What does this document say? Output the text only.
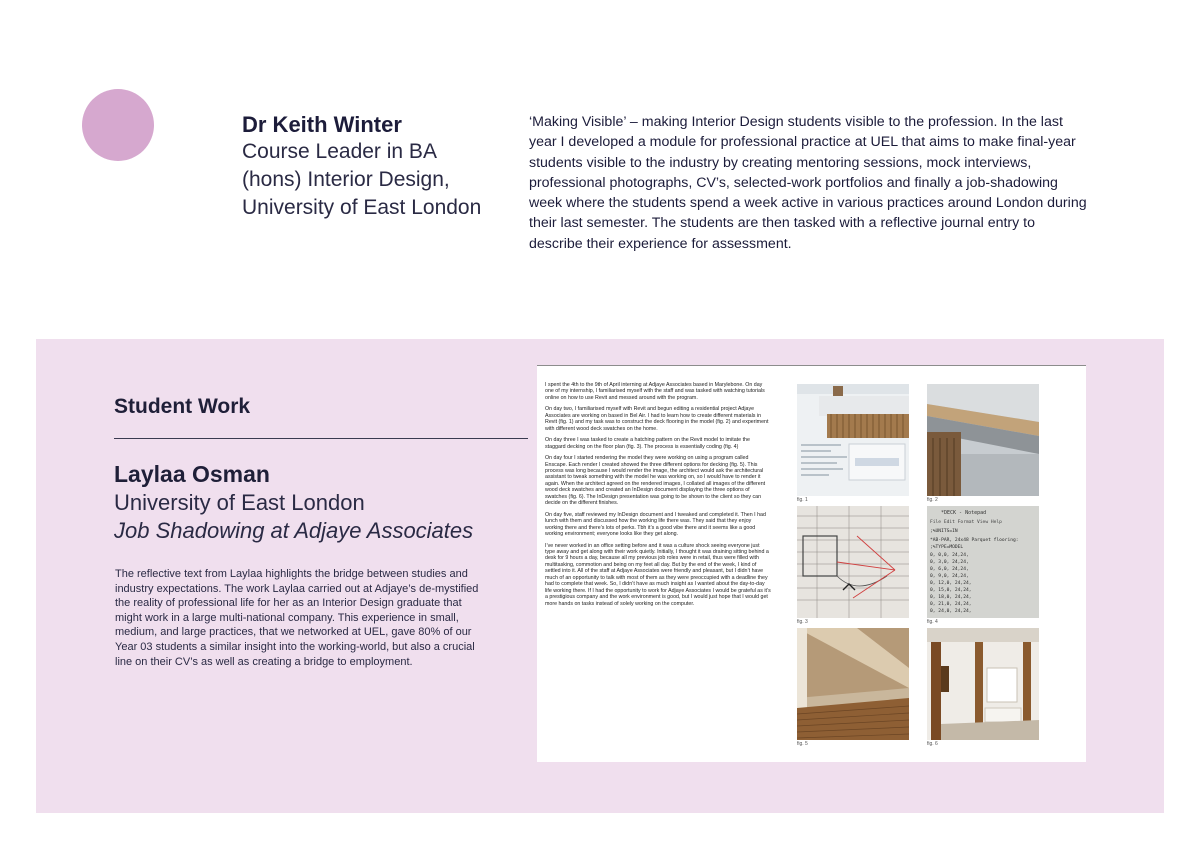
Dr Keith Winter
Course Leader in BA
(hons) Interior Design,
University of East London
‘Making Visible’ – making Interior Design students visible to the profession. In the last year I developed a module for professional practice at UEL that aims to make final-year students visible to the industry by creating mentoring sessions, mock interviews, professional photographs, CV’s, selected-work portfolios and finally a job-shadowing week where the students spend a week active in various practices around London during their last semester. The students are then tasked with a reflective journal entry to describe their experience for assessment.
Student Work
Laylaa Osman
University of East London
Job Shadowing at Adjaye Associates
The reflective text from Laylaa highlights the bridge between studies and industry expectations. The work Laylaa carried out at Adjaye’s de-mystified the reality of professional life for her as an Interior Design graduate that might work in a large multi-national company. This experience in small, medium, and large practices, that we networked at UEL, gave 80% of our Year 03 students a similar insight into the working-world, but also a crucial line on their CV’s as well as creating a bridge to employment.

I spent the 4th to the 9th of April interning at Adjaye Associates based in Marylebone. On day one of my internship, I familiarised myself with the staff and was tasked with watching tutorials online on how to use Revit and messed around with the program.

On day two, I familiarised myself with Revit and begun editing a residential project Adjaye Associates are working on based in Bel Air. I had to learn how to create different materials in Revit (fig. 1) and my task was to construct the deck flooring in the model (fig. 2) and experiment with different wood deck swatches on the home.

On day three I was tasked to create a hatching pattern on the Revit model to imitate the staggard decking on the floor plan (fig. 3). The process is essentially coding (fig. 4)

On day four I started rendering the model they were working on using a program called Enscape. Each render I created showed the three different options for decking (fig. 5). This process was long because I would render the image, the architect would ask the architectural assistant to tweak something with the model he was working on, so I would have to render it again. When the architect agreed on the rendered images, I collated all images of the different wood deck swatches and created an InDesign document displaying the three options of swatches (fig. 6). The InDesign presentation was going to be shown to the client so they can decide on the different finishes.

On day five, staff reviewed my InDesign document and I tweaked and completed it. Then I had lunch with them and discussed how the working life there was. They said that they enjoy working there and there’s lots of perks. Tbh it’s a good vibe there and it seems like a good working environment; everyone looks like they get along.

I’ve never worked in an office setting before and it was a culture shock seeing everyone just type away and get along with their work quietly. Initially, I thought it was draining sitting behind a desk for 9 hours a day, because all my previous job roles were in retail, thus were filled with multitasking, commotion and being on my feet all day. But by the end of the week, I kind of settled into it. All of the staff at Adjaye Associates were friendly and pleasant, but I didn’t have much of an opportunity to talk with most of them as they were preoccupied with a deadline they had to complete that week. So, I didn’t have as much insight as I wanted about the day-to-day life working there. If I had the opportunity to work for Adjaye Associates I would be grateful as it’s a prestigious company and the work environment is good, but I would just hope that I would get more hands on tasks instead of solely working on the computer.

fig. 1	fig. 2
fig. 3
*DECK - Notepad
File Edit Format View Help
;%UNITS=IN
*AB-PAR, 24x48 Parquet flooring:
;%TYPE=MODEL
0, 0,0, 24,24,
0, 3,0, 24,24,
0, 6,0, 24,24,
0, 9,0, 24,24,
0, 12,0, 24,24,
0, 15,0, 24,24,
0, 18,0, 24,24,
0, 21,0, 24,24,
0, 24,0, 24,24,
fig. 4
fig. 5	fig. 6
